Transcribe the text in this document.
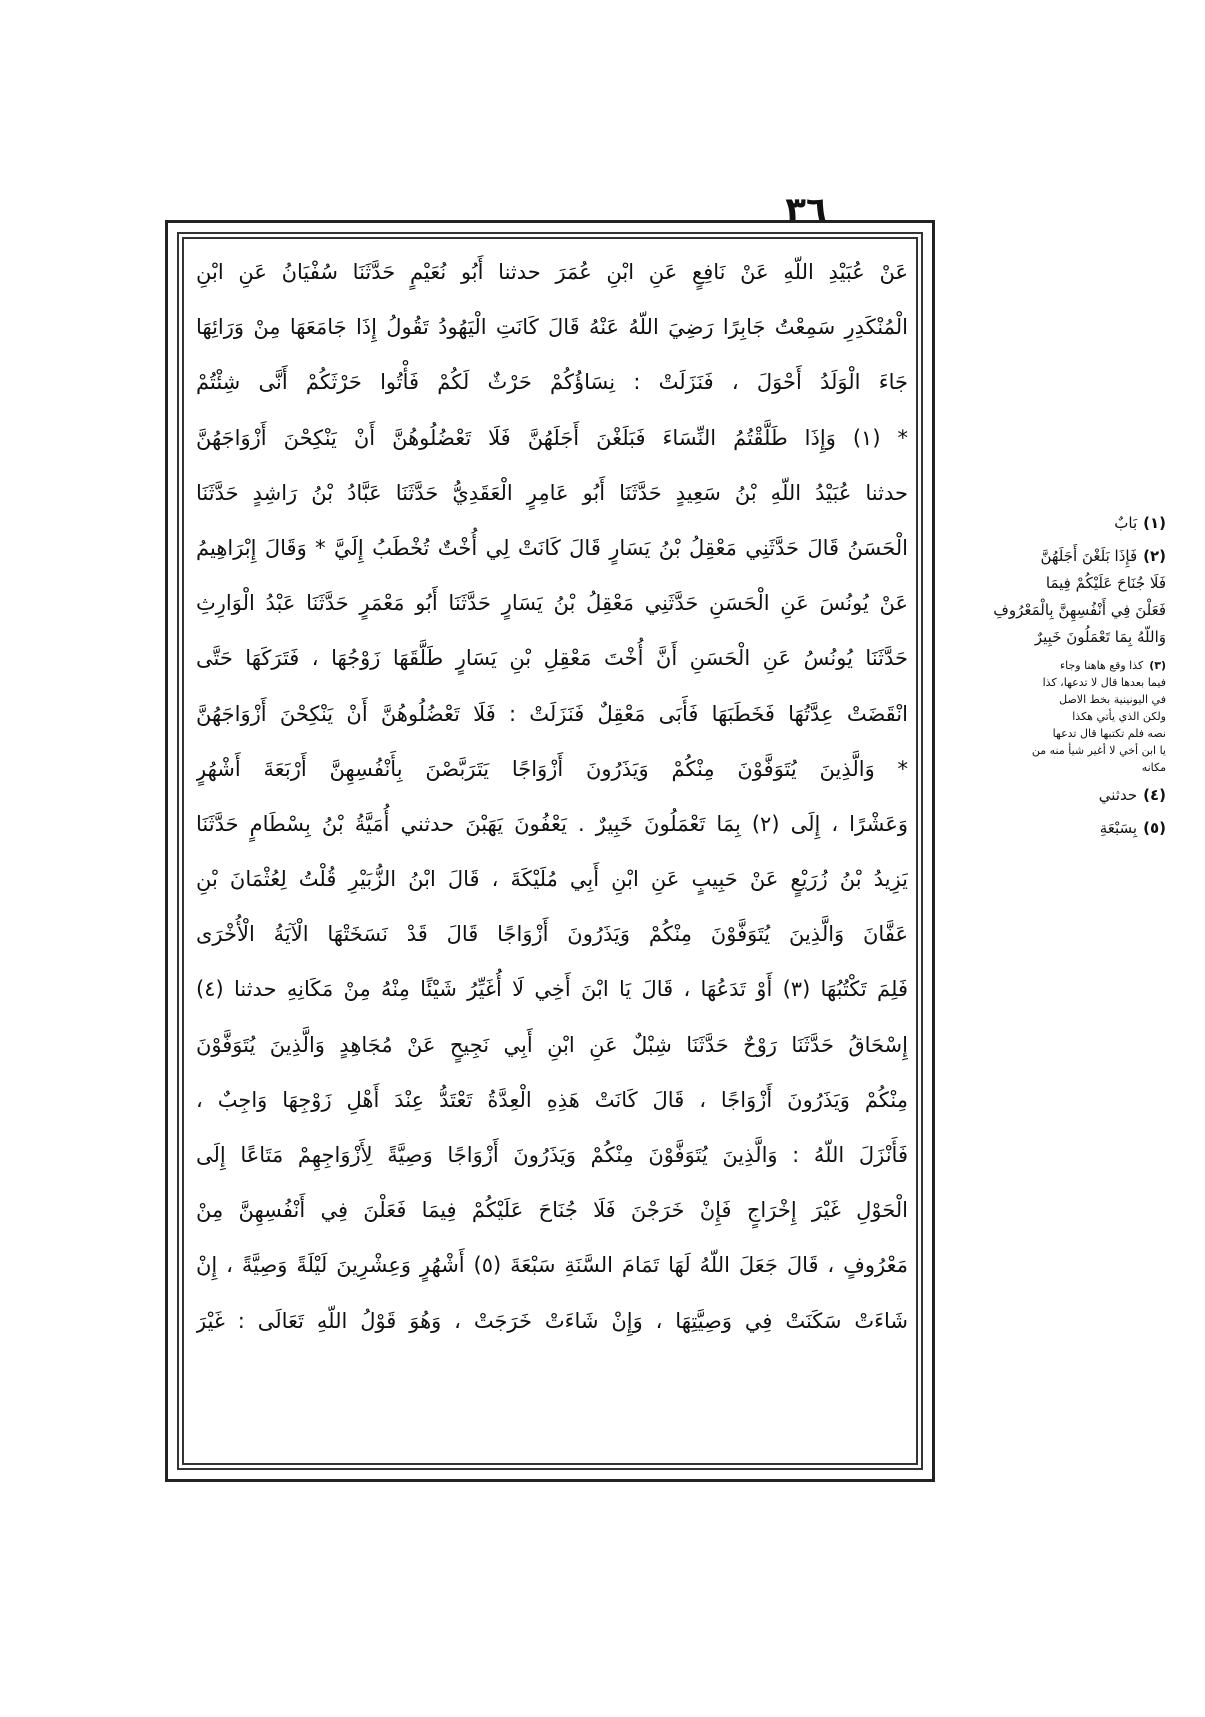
٣٦
عَنْ عُبَيْدِ اللّهِ عَنْ نَافِعٍ عَنِ ابْنِ عُمَرَ حدثنا أَبُو نُعَيْمٍ حَدَّثَنَا سُفْيَانُ عَنِ ابْنِ
الْمُنْكَدِرِ سَمِعْتُ جَابِرًا رَضِيَ اللّهُ عَنْهُ قَالَ كَانَتِ الْيَهُودُ تَقُولُ إِذَا جَامَعَهَا مِنْ وَرَائِهَا
جَاءَ الْوَلَدُ أَحْوَلَ ، فَنَزَلَتْ : نِسَاؤُكُمْ حَرْثٌ لَكُمْ فَأْتُوا حَرْثَكُمْ أَنَّى شِئْتُمْ
* (١) وَإِذَا طَلَّقْتُمُ النِّسَاءَ فَبَلَغْنَ أَجَلَهُنَّ فَلَا تَعْضُلُوهُنَّ أَنْ يَنْكِحْنَ أَزْوَاجَهُنَّ
حدثنا عُبَيْدُ اللّهِ بْنُ سَعِيدٍ حَدَّثَنَا أَبُو عَامِرٍ الْعَقَدِيُّ حَدَّثَنَا عَبَّادُ بْنُ رَاشِدٍ حَدَّثَنَا
الْحَسَنُ قَالَ حَدَّثَنِي مَعْقِلُ بْنُ يَسَارٍ قَالَ كَانَتْ لِي أُخْتٌ تُخْطَبُ إِلَيَّ * وَقَالَ إِبْرَاهِيمُ
عَنْ يُونُسَ عَنِ الْحَسَنِ حَدَّثَنِي مَعْقِلُ بْنُ يَسَارٍ حَدَّثَنَا أَبُو مَعْمَرٍ حَدَّثَنَا عَبْدُ الْوَارِثِ
حَدَّثَنَا يُونُسُ عَنِ الْحَسَنِ أَنَّ أُخْتَ مَعْقِلِ بْنِ يَسَارٍ طَلَّقَهَا زَوْجُهَا ، فَتَرَكَهَا حَتَّى
انْقَضَتْ عِدَّتُهَا فَخَطَبَهَا فَأَبَى مَعْقِلٌ فَنَزَلَتْ : فَلَا تَعْضُلُوهُنَّ أَنْ يَنْكِحْنَ أَزْوَاجَهُنَّ
* وَالَّذِينَ يُتَوَفَّوْنَ مِنْكُمْ وَيَذَرُونَ أَزْوَاجًا يَتَرَبَّصْنَ بِأَنْفُسِهِنَّ أَرْبَعَةَ أَشْهُرٍ
وَعَشْرًا ، إِلَى (٢) بِمَا تَعْمَلُونَ خَبِيرٌ . يَعْفُونَ يَهَبْنَ حدثني أُمَيَّةُ بْنُ بِسْطَامٍ حَدَّثَنَا
يَزِيدُ بْنُ زُرَيْعٍ عَنْ حَبِيبٍ عَنِ ابْنِ أَبِي مُلَيْكَةَ ، قَالَ ابْنُ الزُّبَيْرِ قُلْتُ لِعُثْمَانَ بْنِ
عَفَّانَ وَالَّذِينَ يُتَوَفَّوْنَ مِنْكُمْ وَيَذَرُونَ أَزْوَاجًا قَالَ قَدْ نَسَخَتْهَا الْآيَةُ الْأُخْرَى
فَلِمَ تَكْتُبُهَا (٣) أَوْ تَدَعُهَا ، قَالَ يَا ابْنَ أَخِي لَا أُغَيِّرُ شَيْئًا مِنْهُ مِنْ مَكَانِهِ حدثنا (٤)
إِسْحَاقُ حَدَّثَنَا رَوْحٌ حَدَّثَنَا شِبْلٌ عَنِ ابْنِ أَبِي نَجِيحٍ عَنْ مُجَاهِدٍ وَالَّذِينَ يُتَوَفَّوْنَ
مِنْكُمْ وَيَذَرُونَ أَزْوَاجًا ، قَالَ كَانَتْ هَذِهِ الْعِدَّةُ تَعْتَدُّ عِنْدَ أَهْلِ زَوْجِهَا وَاجِبٌ ،
فَأَنْزَلَ اللّهُ : وَالَّذِينَ يُتَوَفَّوْنَ مِنْكُمْ وَيَذَرُونَ أَزْوَاجًا وَصِيَّةً لِأَزْوَاجِهِمْ مَتَاعًا إِلَى
الْحَوْلِ غَيْرَ إِخْرَاجٍ فَإِنْ خَرَجْنَ فَلَا جُنَاحَ عَلَيْكُمْ فِيمَا فَعَلْنَ فِي أَنْفُسِهِنَّ مِنْ
مَعْرُوفٍ ، قَالَ جَعَلَ اللّهُ لَهَا تَمَامَ السَّنَةِ سَبْعَةَ (٥) أَشْهُرٍ وَعِشْرِينَ لَيْلَةً وَصِيَّةً ، إِنْ
شَاءَتْ سَكَنَتْ فِي وَصِيَّتِهَا ، وَإِنْ شَاءَتْ خَرَجَتْ ، وَهُوَ قَوْلُ اللّهِ تَعَالَى : غَيْرَ
(١)بَابٌ
(٢)فَإِذَا بَلَغْنَ أَجَلَهُنَّ
فَلَا جُنَاحَ عَلَيْكُمْ فِيمَا
فَعَلْنَ فِي أَنْفُسِهِنَّ بِالْمَعْرُوفِ
وَاللّهُ بِمَا تَعْمَلُونَ خَبِيرٌ
(٣)كذا وقع هاهنا وجاء
فيما بعدها قال لا تدعها، كذا
في اليونينية بخط الاصل
ولكن الذي يأتي هكذا
نصه فلم تكتبها قال تدعها
يا ابن أخي لا أغير شيأ منه من
مكانه
(٤)حدثني
(٥)بِسَبْعَةِ
